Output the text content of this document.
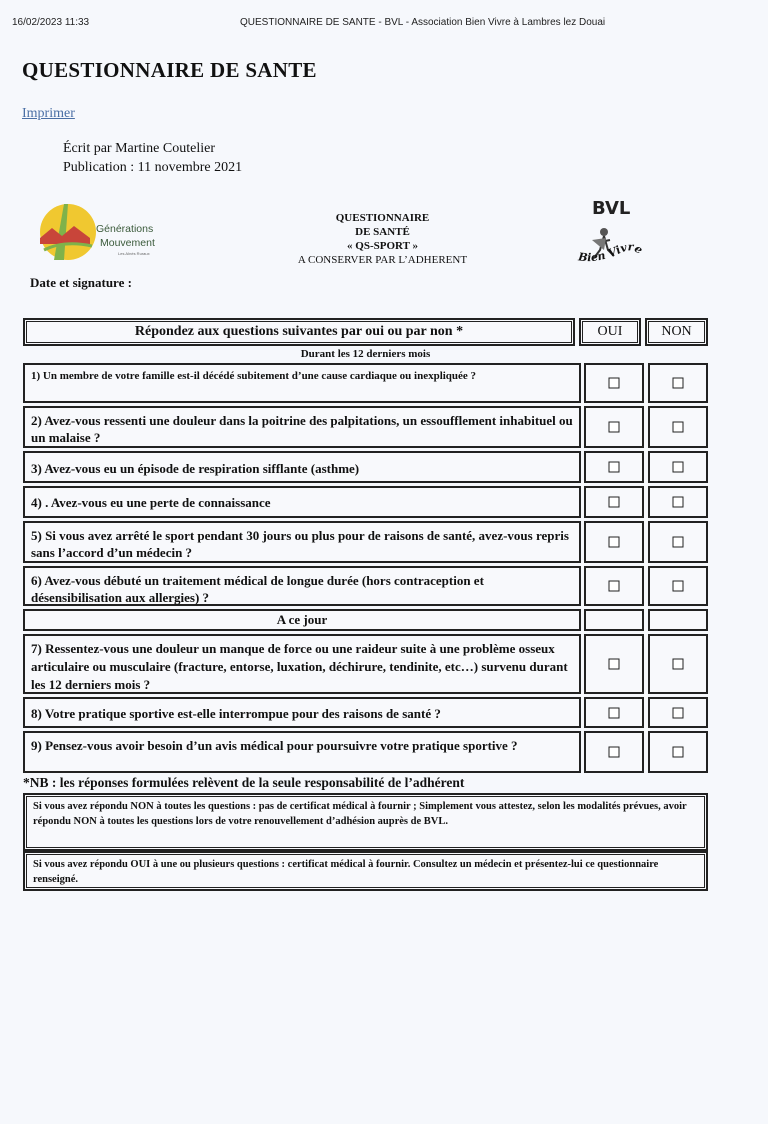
16/02/2023 11:33	QUESTIONNAIRE DE SANTE - BVL - Association Bien Vivre à Lambres lez Douai
QUESTIONNAIRE DE SANTE
Imprimer
Écrit par Martine Coutelier
Publication : 11 novembre 2021
Générations
Mouvement
Les Aînés Ruraux
Date et signature :
QUESTIONNAIRE
DE SANTÉ
« QS-SPORT »
A CONSERVER PAR L’ADHERENT
BVL
Bien Vivre
Répondez aux questions suivantes par oui ou par non *	OUI	NON
Durant les 12 derniers mois
1) Un membre de votre famille est-il décédé subitement d’une cause cardiaque ou inexpliquée ?
2) Avez-vous ressenti une douleur dans la poitrine des palpitations, un essoufflement inhabituel ou un malaise ?
3) Avez-vous eu un épisode de respiration sifflante (asthme)
4) . Avez-vous eu une perte de connaissance
5) Si vous avez arrêté le sport pendant 30 jours ou plus pour de raisons de santé, avez-vous repris sans l’accord d’un médecin ?
6) Avez-vous débuté un traitement médical de longue durée (hors contraception et désensibilisation aux allergies) ?
A ce jour
7) Ressentez-vous une douleur un manque de force ou une raideur suite à une problème osseux articulaire ou musculaire (fracture, entorse, luxation, déchirure, tendinite, etc…) survenu durant les 12 derniers mois ?
8) Votre pratique sportive est-elle interrompue pour des raisons de santé ?
9) Pensez-vous avoir besoin d’un avis médical pour poursuivre votre pratique sportive ?
*NB : les réponses formulées relèvent de la seule responsabilité de l’adhérent
Si vous avez répondu NON à toutes les questions : pas de certificat médical à fournir ; Simplement vous attestez, selon les modalités prévues, avoir répondu NON à toutes les questions lors de votre renouvellement d’adhésion auprès de BVL.
Si vous avez répondu OUI à une ou plusieurs questions : certificat médical à fournir. Consultez un médecin et présentez-lui ce questionnaire renseigné.
